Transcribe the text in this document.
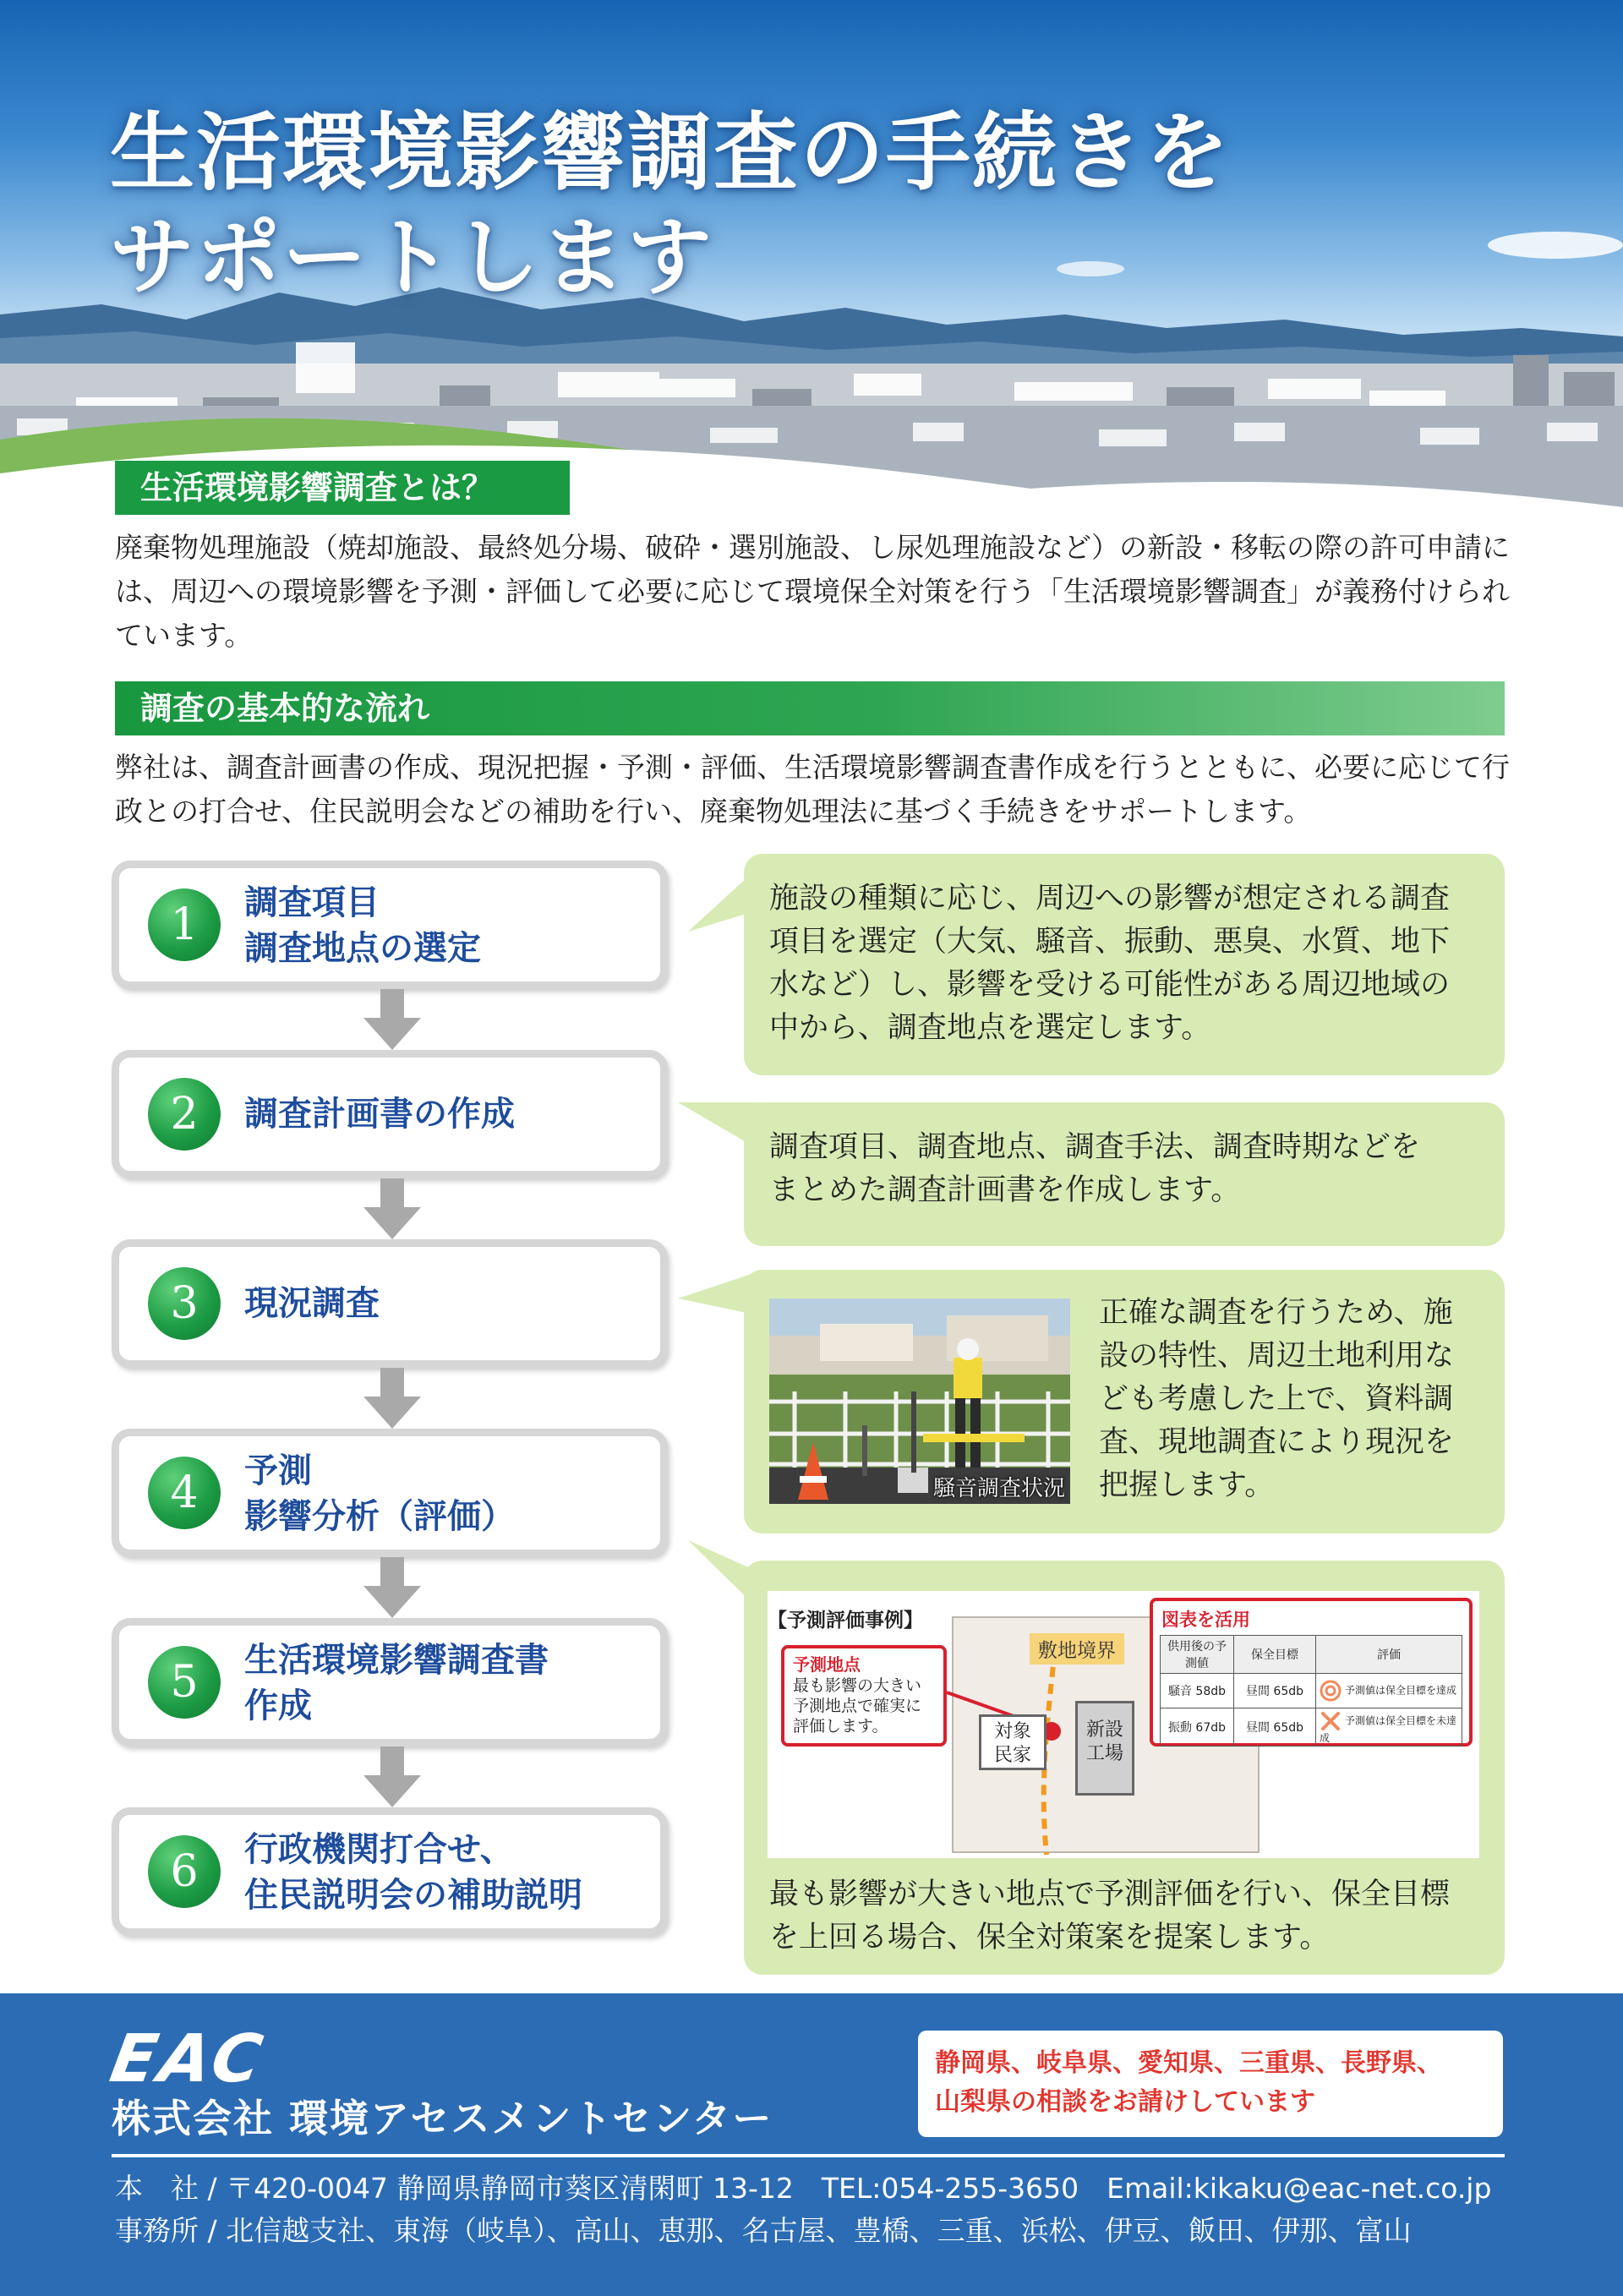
生活環境影響調査の手続きを
サポートします
生活環境影響調査とは？

廃棄物処理施設（焼却施設、最終処分場、破砕・選別施設、し尿処理施設など）の新設・移転の際の許可申請には、周辺への環境影響を予測・評価して必要に応じて環境保全対策を行う「生活環境影響調査」が義務付けられています。

調査の基本的な流れ

弊社は、調査計画書の作成、現況把握・予測・評価、生活環境影響調査書作成を行うとともに、必要に応じて行政との打合せ、住民説明会などの補助を行い、廃棄物処理法に基づく手続きをサポートします。

1	調査項目
調査地点の選定
2	調査計画書の作成
3	現況調査
4	予測
影響分析（評価）
5	生活環境影響調査書
作成
6	行政機関打合せ、
住民説明会の補助説明
施設の種類に応じ、周辺への影響が想定される調査
項目を選定（大気、騒音、振動、悪臭、水質、地下
水など）し、影響を受ける可能性がある周辺地域の
中から、調査地点を選定します。
調査項目、調査地点、調査手法、調査時期などを
まとめた調査計画書を作成します。
騒音調査状況
正確な調査を行うため、施
設の特性、周辺土地利用な
ども考慮した上で、資料調
査、現地調査により現況を
把握します。
【予測評価事例】
敷地境界
予測地点
最も影響の大きい予測地点で確実に評価します。	対象
民家
新設
工場
図表を活用
供用後の予測値	保全目標	評価
騒音 58db	昼間 65db	予測値は保全目標を達成
振動 67db	昼間 65db	予測値は保全目標を未達成
最も影響が大きい地点で予測評価を行い、保全目標
を上回る場合、保全対策案を提案します。
EAC
株式会社 環境アセスメントセンター
静岡県、岐阜県、愛知県、三重県、長野県、
山梨県の相談をお請けしています

本　社 / 〒420-0047 静岡県静岡市葵区清閑町 13-12　TEL:054-255-3650　Email:kikaku@eac-net.co.jp

事務所 / 北信越支社、東海（岐阜）、高山、恵那、名古屋、豊橋、三重、浜松、伊豆、飯田、伊那、富山
